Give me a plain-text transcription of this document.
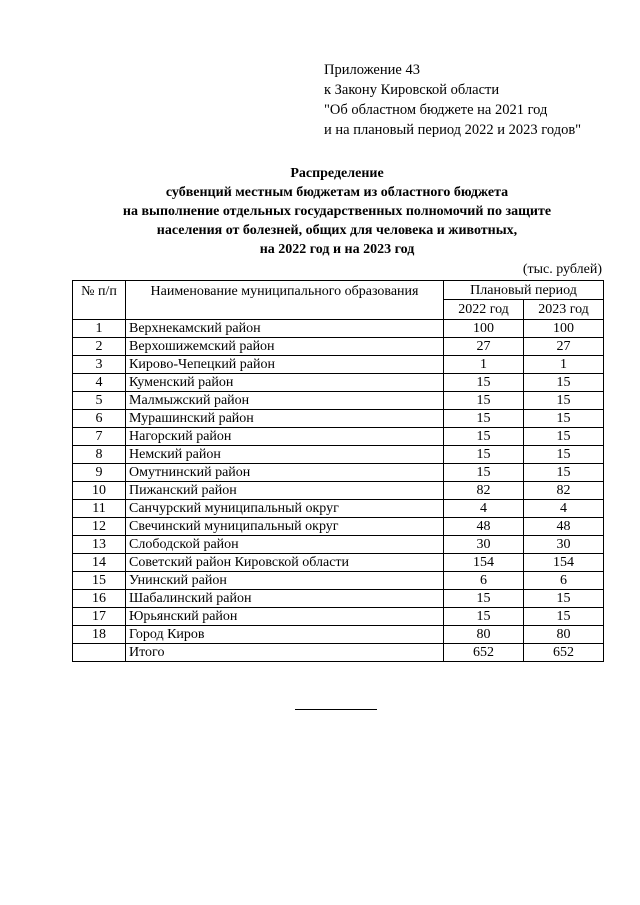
Приложение 43
к Закону Кировской области
"Об областном бюджете на 2021 год
и на плановый период 2022 и 2023 годов"
Распределение
субвенций местным бюджетам из областного бюджета
на выполнение отдельных государственных полномочий по защите
населения от болезней, общих для человека и животных,
на 2022 год и на 2023 год
(тыс. рублей)
№ п/п	Наименование муниципального образования	Плановый период	
		2022 год	2023 год
1	Верхнекамский район	100	100
2	Верхошижемский район	27	27
3	Кирово-Чепецкий район	1	1
4	Куменский район	15	15
5	Малмыжский район	15	15
6	Мурашинский район	15	15
7	Нагорский район	15	15
8	Немский район	15	15
9	Омутнинский район	15	15
10	Пижанский район	82	82
11	Санчурский муниципальный округ	4	4
12	Свечинский муниципальный округ	48	48
13	Слободской район	30	30
14	Советский район Кировской области	154	154
15	Унинский район	6	6
16	Шабалинский район	15	15
17	Юрьянский район	15	15
18	Город Киров	80	80
	Итого	652	652
